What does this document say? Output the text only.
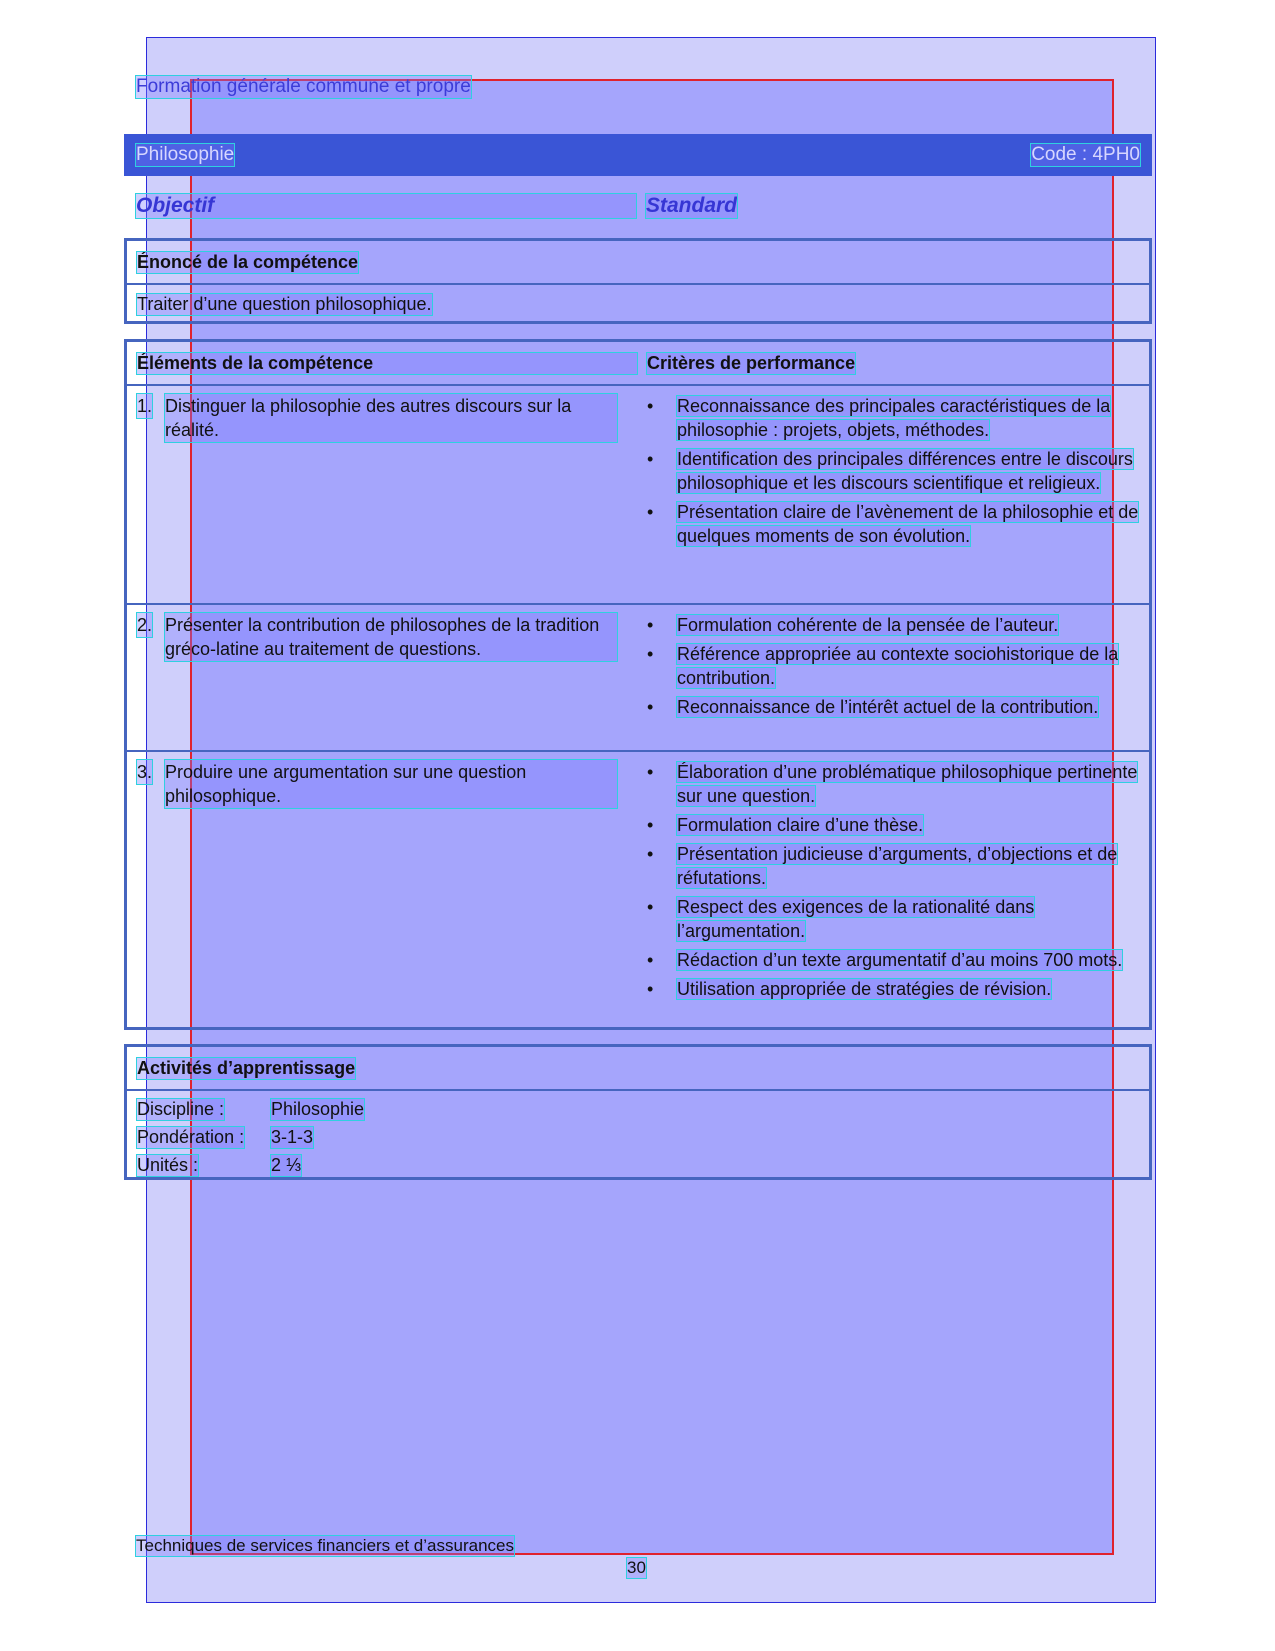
Formation générale commune et propre
Philosophie	Code : 4PH0
Objectif	Standard
Énoncé de la compétence
Traiter d’une question philosophique.
Éléments de la compétence	Critères de performance
1. Distinguer la philosophie des autres discours sur la réalité.
• Reconnaissance des principales caractéristiques de la philosophie : projets, objets, méthodes.
• Identification des principales différences entre le discours philosophique et les discours scientifique et religieux.
• Présentation claire de l’avènement de la philosophie et de quelques moments de son évolution.
2. Présenter la contribution de philosophes de la tradition gréco-latine au traitement de questions.
• Formulation cohérente de la pensée de l’auteur.
• Référence appropriée au contexte sociohistorique de la contribution.
• Reconnaissance de l’intérêt actuel de la contribution.
3. Produire une argumentation sur une question philosophique.
• Élaboration d’une problématique philosophique pertinente sur une question.
• Formulation claire d’une thèse.
• Présentation judicieuse d’arguments, d’objections et de réfutations.
• Respect des exigences de la rationalité dans l’argumentation.
• Rédaction d’un texte argumentatif d’au moins 700 mots.
• Utilisation appropriée de stratégies de révision.
Activités d’apprentissage
Discipline :	Philosophie
Pondération : 3-1-3
Unités :	2 ⅓
Techniques de services financiers et d’assurances
30
